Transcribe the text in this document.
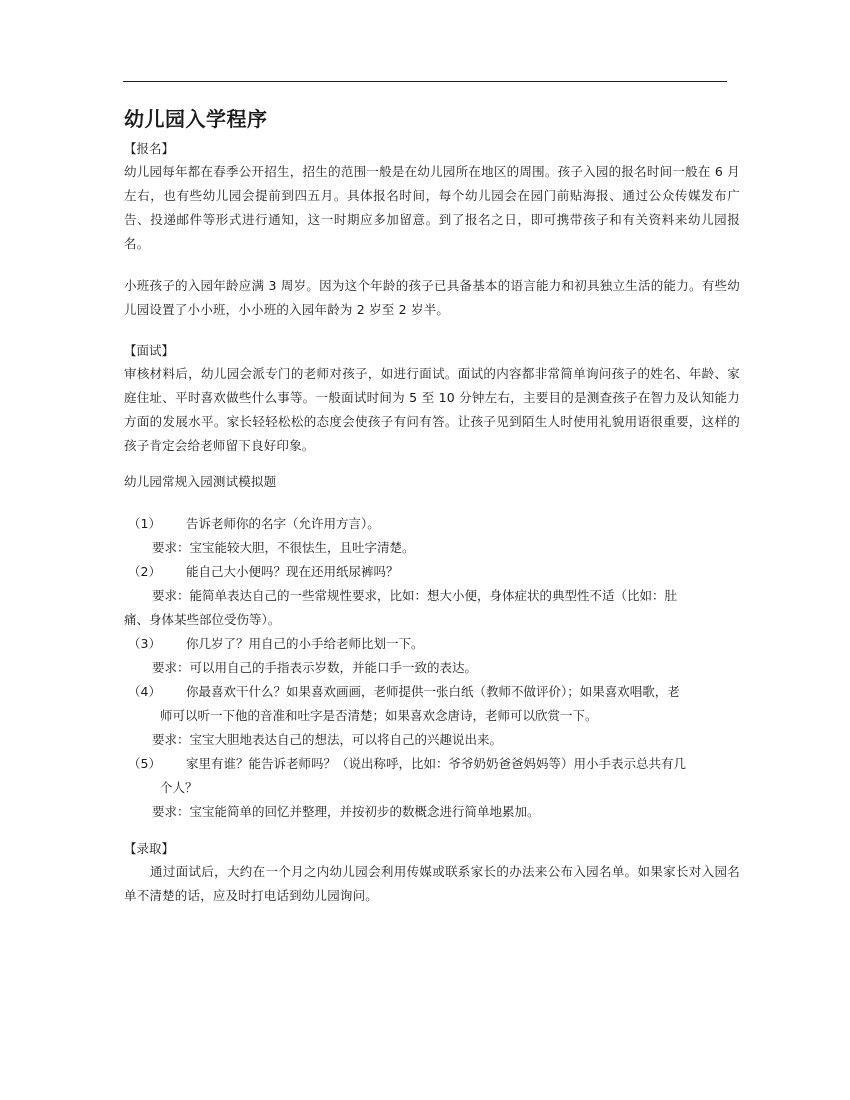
幼儿园入学程序

【报名】

幼儿园每年都在春季公开招生，招生的范围一般是在幼儿园所在地区的周围。孩子入园的报名时间一般在 6 月左右，也有些幼儿园会提前到四五月。具体报名时间，每个幼儿园会在园门前贴海报、通过公众传媒发布广告、投递邮件等形式进行通知，这一时期应多加留意。到了报名之日，即可携带孩子和有关资料来幼儿园报名。

小班孩子的入园年龄应满 3 周岁。因为这个年龄的孩子已具备基本的语言能力和初具独立生活的能力。有些幼儿园设置了小小班，小小班的入园年龄为 2 岁至 2 岁半。

【面试】

审核材料后，幼儿园会派专门的老师对孩子，如进行面试。面试的内容都非常简单询问孩子的姓名、年龄、家庭住址、平时喜欢做些什么事等。一般面试时间为 5 至 10 分钟左右，主要目的是测查孩子在智力及认知能力方面的发展水平。家长轻轻松松的态度会使孩子有问有答。让孩子见到陌生人时使用礼貌用语很重要，这样的孩子肯定会给老师留下良好印象。

幼儿园常规入园测试模拟题

（1） 告诉老师你的名字（允许用方言）。

要求：宝宝能较大胆，不很怯生，且吐字清楚。

（2） 能自己大小便吗？现在还用纸尿裤吗？

要求：能简单表达自己的一些常规性要求，比如：想大小便，身体症状的典型性不适（比如：肚

痛、身体某些部位受伤等）。

（3） 你几岁了？用自己的小手给老师比划一下。

要求：可以用自己的手指表示岁数，并能口手一致的表达。

（4） 你最喜欢干什么？如果喜欢画画，老师提供一张白纸（教师不做评价）；如果喜欢唱歌，老

师可以听一下他的音准和吐字是否清楚；如果喜欢念唐诗，老师可以欣赏一下。

要求：宝宝大胆地表达自己的想法，可以将自己的兴趣说出来。

（5） 家里有谁？能告诉老师吗？（说出称呼，比如：爷爷奶奶爸爸妈妈等）用小手表示总共有几

个人？

要求：宝宝能简单的回忆并整理，并按初步的数概念进行简单地累加。

【录取】

通过面试后，大约在一个月之内幼儿园会利用传媒或联系家长的办法来公布入园名单。如果家长对入园名单不清楚的话，应及时打电话到幼儿园询问。
